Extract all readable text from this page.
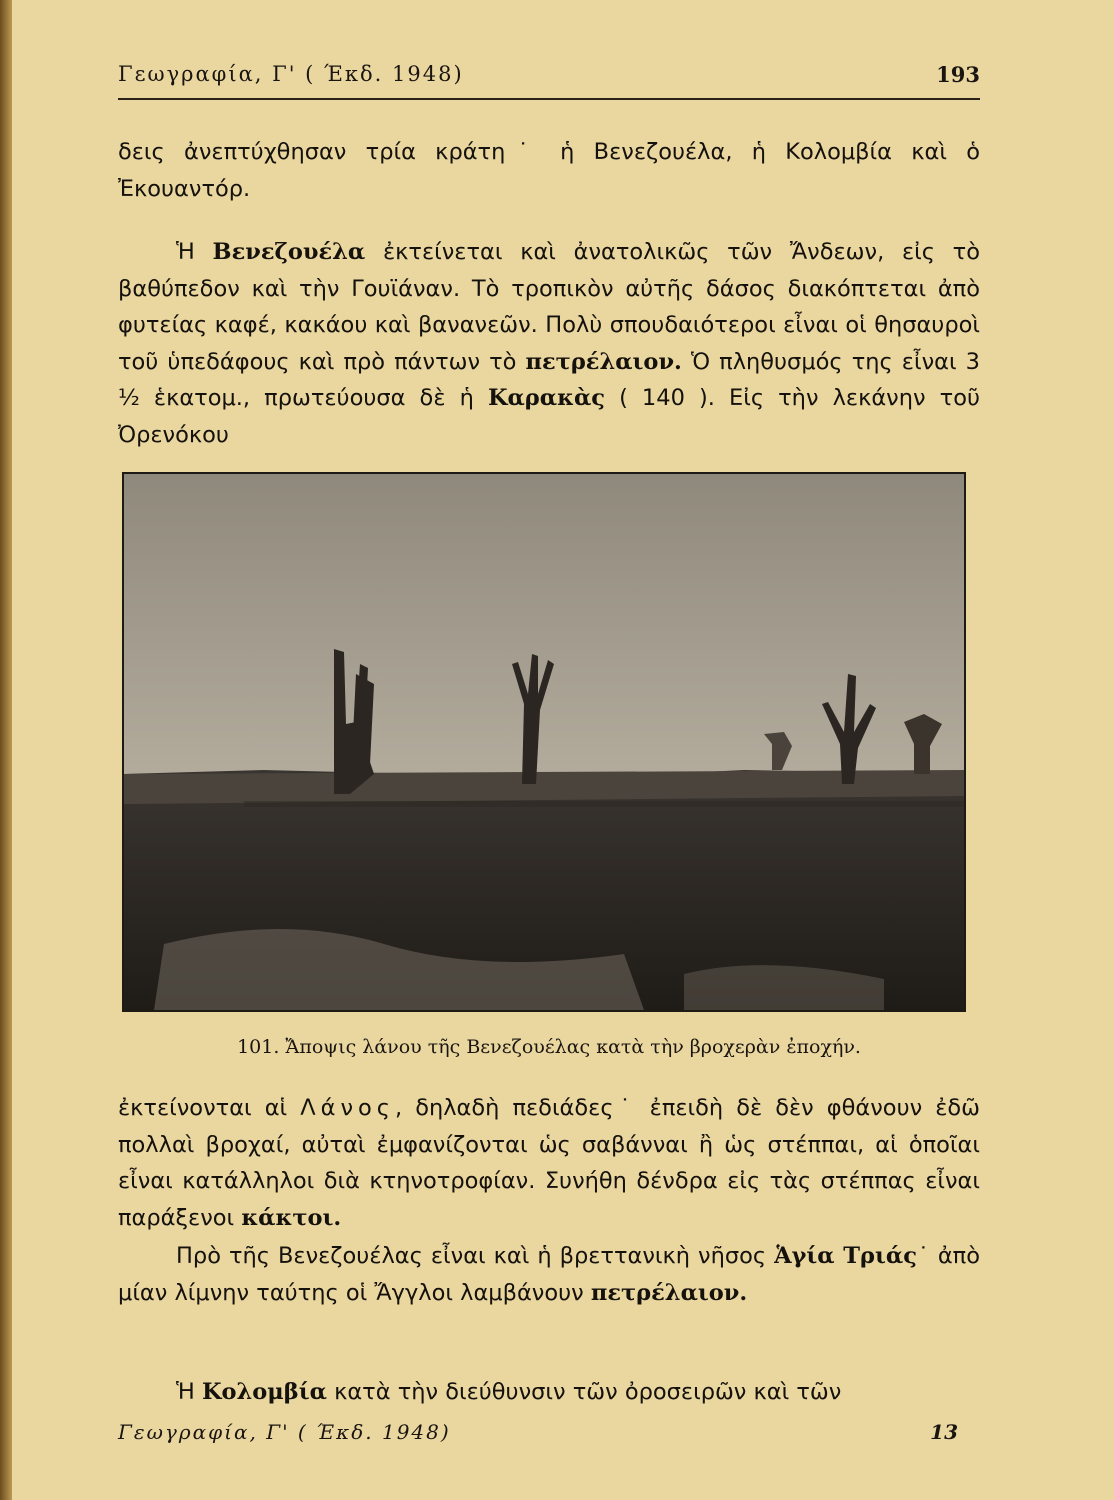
Γεωγραφία, Γ' ( Έκδ. 1948)	193

δεις ἀνεπτύχθησαν τρία κράτη˙ ἡ Βενεζουέλα, ἡ Κολομβία καὶ ὁ Ἐκουαντόρ.

Ἡ Βενεζουέλα ἐκτείνεται καὶ ἀνατολικῶς τῶν Ἄνδεων, εἰς τὸ βαθύπεδον καὶ τὴν Γουϊάναν. Τὸ τροπικὸν αὐτῆς δάσος διακόπτεται ἀπὸ φυτείας καφέ, κακάου καὶ βανανεῶν. Πολὺ σπουδαιότεροι εἶναι οἱ θησαυροὶ τοῦ ὑπεδάφους καὶ πρὸ πάντων τὸ πετρέλαιον. Ὁ πληθυσμός της εἶναι 3 ½ ἑκατομ., πρωτεύουσα δὲ ἡ Καρακὰς ( 140 ). Εἰς τὴν λεκάνην τοῦ Ὀρενόκου

101. Ἄποψις λάνου τῆς Βενεζουέλας κατὰ τὴν βροχερὰν ἐποχήν.

ἐκτείνονται αἱ Λάνος, δηλαδὴ πεδιάδες˙ ἐπειδὴ δὲ δὲν φθάνουν ἐδῶ πολλαὶ βροχαί, αὐταὶ ἐμφανίζονται ὡς σαβάνναι ἢ ὡς στέππαι, αἱ ὁποῖαι εἶναι κατάλληλοι διὰ κτηνοτροφίαν. Συνήθη δένδρα εἰς τὰς στέππας εἶναι παράξενοι κάκτοι.

Πρὸ τῆς Βενεζουέλας εἶναι καὶ ἡ βρεττανικὴ νῆσος Ἁγία Τριάς˙ ἀπὸ μίαν λίμνην ταύτης οἱ Ἄγγλοι λαμβάνουν πετρέλαιον.

Ἡ Κολομβία κατὰ τὴν διεύθυνσιν τῶν ὀροσειρῶν καὶ τῶν

Γεωγραφία, Γ' ( Έκδ. 1948)	13
